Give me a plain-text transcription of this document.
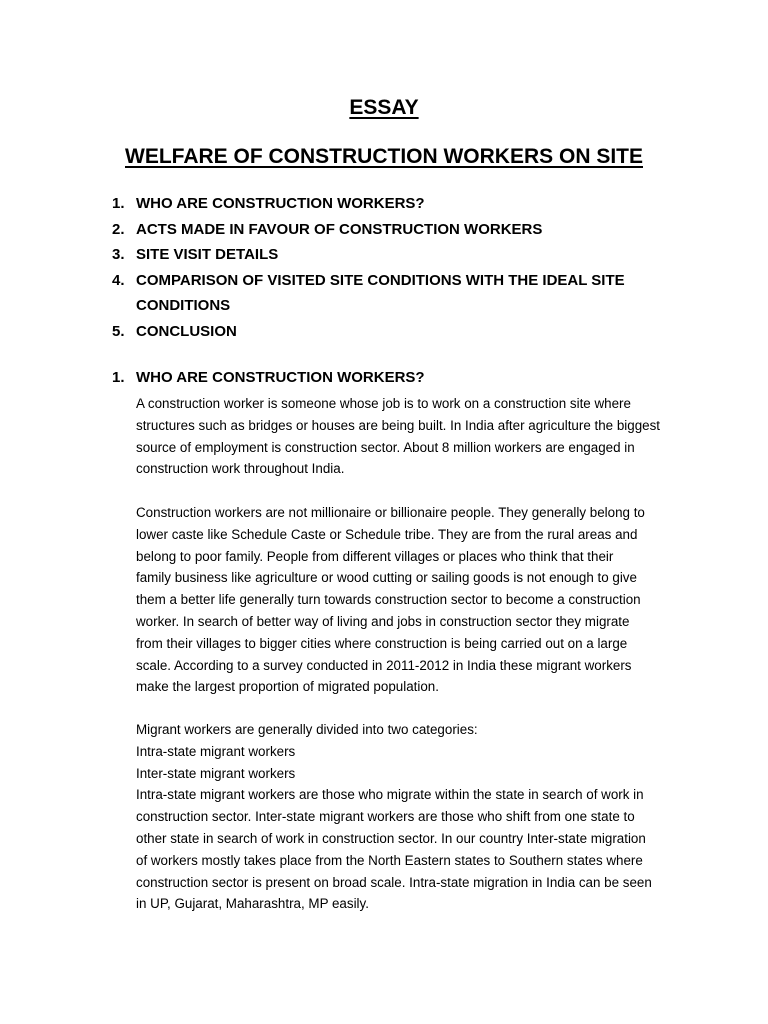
ESSAY
WELFARE OF CONSTRUCTION WORKERS ON SITE
1. WHO ARE CONSTRUCTION WORKERS?
2. ACTS MADE IN FAVOUR OF CONSTRUCTION WORKERS
3. SITE VISIT DETAILS
4. COMPARISON OF VISITED SITE CONDITIONS WITH THE IDEAL SITE CONDITIONS
5. CONCLUSION
1. WHO ARE CONSTRUCTION WORKERS?
A construction worker is someone whose job is to work on a construction site where
structures such as bridges or houses are being built. In India after agriculture the biggest
source of employment is construction sector. About 8 million workers are engaged in
construction work throughout India.
Construction workers are not millionaire or billionaire people. They generally belong to
lower caste like Schedule Caste or Schedule tribe. They are from the rural areas and
belong to poor family. People from different villages or places who think that their
family business like agriculture or wood cutting or sailing goods is not enough to give
them a better life generally turn towards construction sector to become a construction
worker. In search of better way of living and jobs in construction sector they migrate
from their villages to bigger cities where construction is being carried out on a large
scale. According to a survey conducted in 2011-2012 in India these migrant workers
make the largest proportion of migrated population.
Migrant workers are generally divided into two categories:
Intra-state migrant workers
Inter-state migrant workers
Intra-state migrant workers are those who migrate within the state in search of work in
construction sector. Inter-state migrant workers are those who shift from one state to
other state in search of work in construction sector. In our country Inter-state migration
of workers mostly takes place from the North Eastern states to Southern states where
construction sector is present on broad scale. Intra-state migration in India can be seen
in UP, Gujarat, Maharashtra, MP easily.
